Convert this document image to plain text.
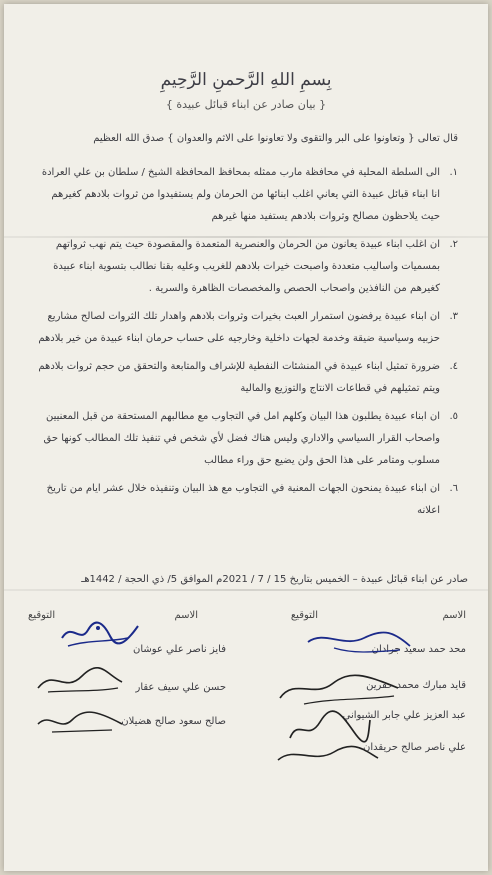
بِسمِ اللهِ الرَّحمنِ الرَّحِيمِ
{ بيان صادر عن ابناء قبائل عبيدة }
قال تعالى { وتعاونوا على البر والتقوى ولا تعاونوا على الاثم والعدوان } صدق الله العظيم
١.
الى السلطة المحلية في محافظة مارب ممثله بمحافظ المحافظة الشيخ / سلطان بن علي العرادة انا ابناء قبائل عبيدة التي يعاني اغلب ابنائها من الحرمان ولم يستفيدوا من ثروات بلادهم كغيرهم حيث يلاحظون مصالح وثروات بلادهم يستفيد منها غيرهم
٢.
ان اغلب ابناء عبيدة يعانون من الحرمان والعنصرية المتعمدة والمقصودة حيث يتم نهب ثرواتهم بمسميات واساليب متعددة واصبحت خيرات بلادهم للغريب وعليه بقنا نطالب بتسوية ابناء عبيدة كغيرهم من النافذين واصحاب الحصص والمخصصات الظاهرة والسرية .
٣.
ان ابناء عبيدة يرفضون استمرار العبث بخيرات وثروات بلادهم واهدار تلك الثروات لصالح مشاريع حزبيه وسياسية ضيقة وخدمة لجهات داخلية وخارجيه على حساب حرمان ابناء عبيدة من خير بلادهم
٤.
ضرورة تمثيل ابناء عبيدة في المنشئات النفطية للإشراف والمتابعة والتحقق من حجم ثروات بلادهم ويتم تمثيلهم في قطاعات الانتاج والتوزيع والمالية
٥.
ان ابناء عبيدة يطلبون هذا البيان وكلهم امل في التجاوب مع مطالبهم المستحقة من قبل المعنيين واصحاب القرار السياسي والاداري وليس هناك فضل لأي شخص في تنفيذ تلك المطالب كونها حق مسلوب ومتامر على هذا الحق ولن يضيع حق وراء مطالب
٦.
ان ابناء عبيدة يمنحون الجهات المعنية في التجاوب مع هذ البيان وتنفيذه خلال عشر ايام من تاريخ اعلانه
صادر عن ابناء قبائل عبيدة – الخميس بتاريخ 15 / 7 / 2021م الموافق 5/ ذي الحجة / 1442هـ
الاسم
التوقيع
الاسم
التوقيع
محد حمد سعيد جرادان
قايد مبارك محمد حفرين
عبد العزيز علي جابر الشيواني
علي ناصر صالح حريقدان
فايز ناصر علي عوشان
حسن علي سيف عقار
صالح سعود صالح هضيلان
